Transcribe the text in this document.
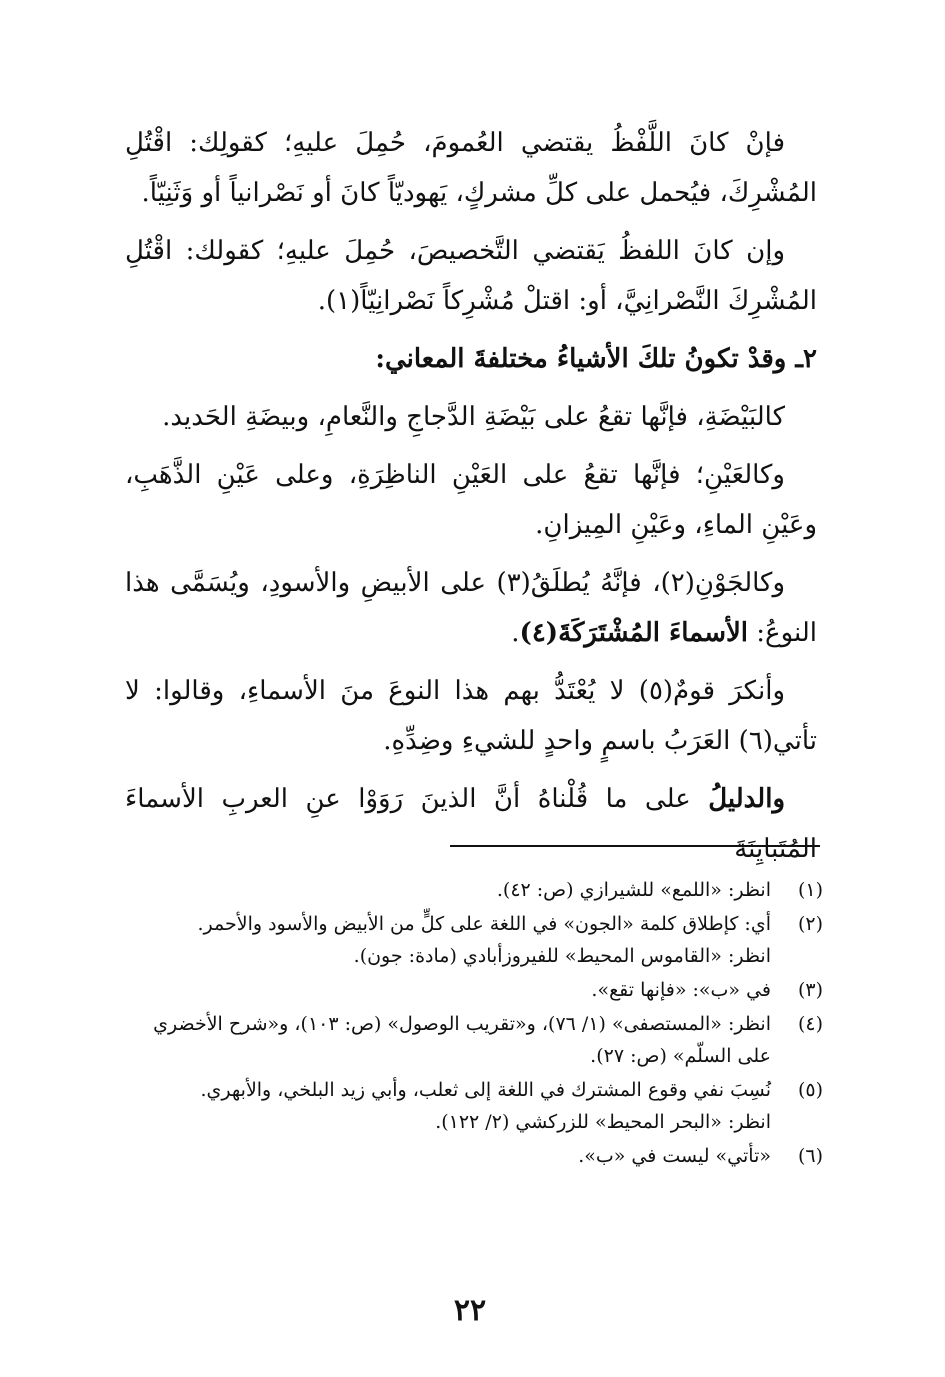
فإنْ كانَ اللَّفْظُ يقتضي العُمومَ، حُمِلَ عليهِ؛ كقولِك: اقْتُلِ المُشْرِكَ، فيُحمل على كلِّ مشركٍ، يَهوديّاً كانَ أو نَصْرانياً أو وَثَنِيّاً.

وإن كانَ اللفظُ يَقتضي التَّخصيصَ، حُمِلَ عليهِ؛ كقولك: اقْتُلِ المُشْرِكَ النَّصْرانِيَّ، أو: اقتلْ مُشْرِكاً نَصْرانِيّاً(١).

٢ـ وقدْ تكونُ تلكَ الأشياءُ مختلفةَ المعاني:

كالبَيْضَةِ، فإنَّها تقعُ على بَيْضَةِ الدَّجاجِ والنَّعامِ، وبيضَةِ الحَديد.

وكالعَيْنِ؛ فإنَّها تقعُ على العَيْنِ الناظِرَةِ، وعلى عَيْنِ الذَّهَبِ، وعَيْنِ الماءِ، وعَيْنِ المِيزانِ.

وكالجَوْنِ(٢)، فإنَّهُ يُطلَقُ(٣) على الأبيضِ والأسودِ، ويُسَمَّى هذا النوعُ: الأسماءَ المُشْتَرَكَةَ(٤).

وأنكرَ قومٌ(٥) لا يُعْتَدُّ بهم هذا النوعَ منَ الأسماءِ، وقالوا: لا تأتي(٦) العَرَبُ باسمٍ واحدٍ للشيءِ وضِدِّهِ.

والدليلُ على ما قُلْناهُ أنَّ الذينَ رَوَوْا عنِ العربِ الأسماءَ المُتَبايِنَةَ

(١)
انظر: «اللمع» للشيرازي (ص: ٤٢).
(٢)
أي: كإطلاق كلمة «الجون» في اللغة على كلٍّ من الأبيض والأسود والأحمر.
انظر: «القاموس المحيط» للفيروزأبادي (مادة: جون).
(٣)
في «ب»: «فإنها تقع».
(٤)
انظر: «المستصفى» (١/ ٧٦)، و«تقريب الوصول» (ص: ١٠٣)، و«شرح الأخضري على السلّم» (ص: ٢٧).
(٥)
نُسِبَ نفي وقوع المشترك في اللغة إلى ثعلب، وأبي زيد البلخي، والأبهري.
انظر: «البحر المحيط» للزركشي (٢/ ١٢٢).
(٦)
«تأتي» ليست في «ب».
٢٢
